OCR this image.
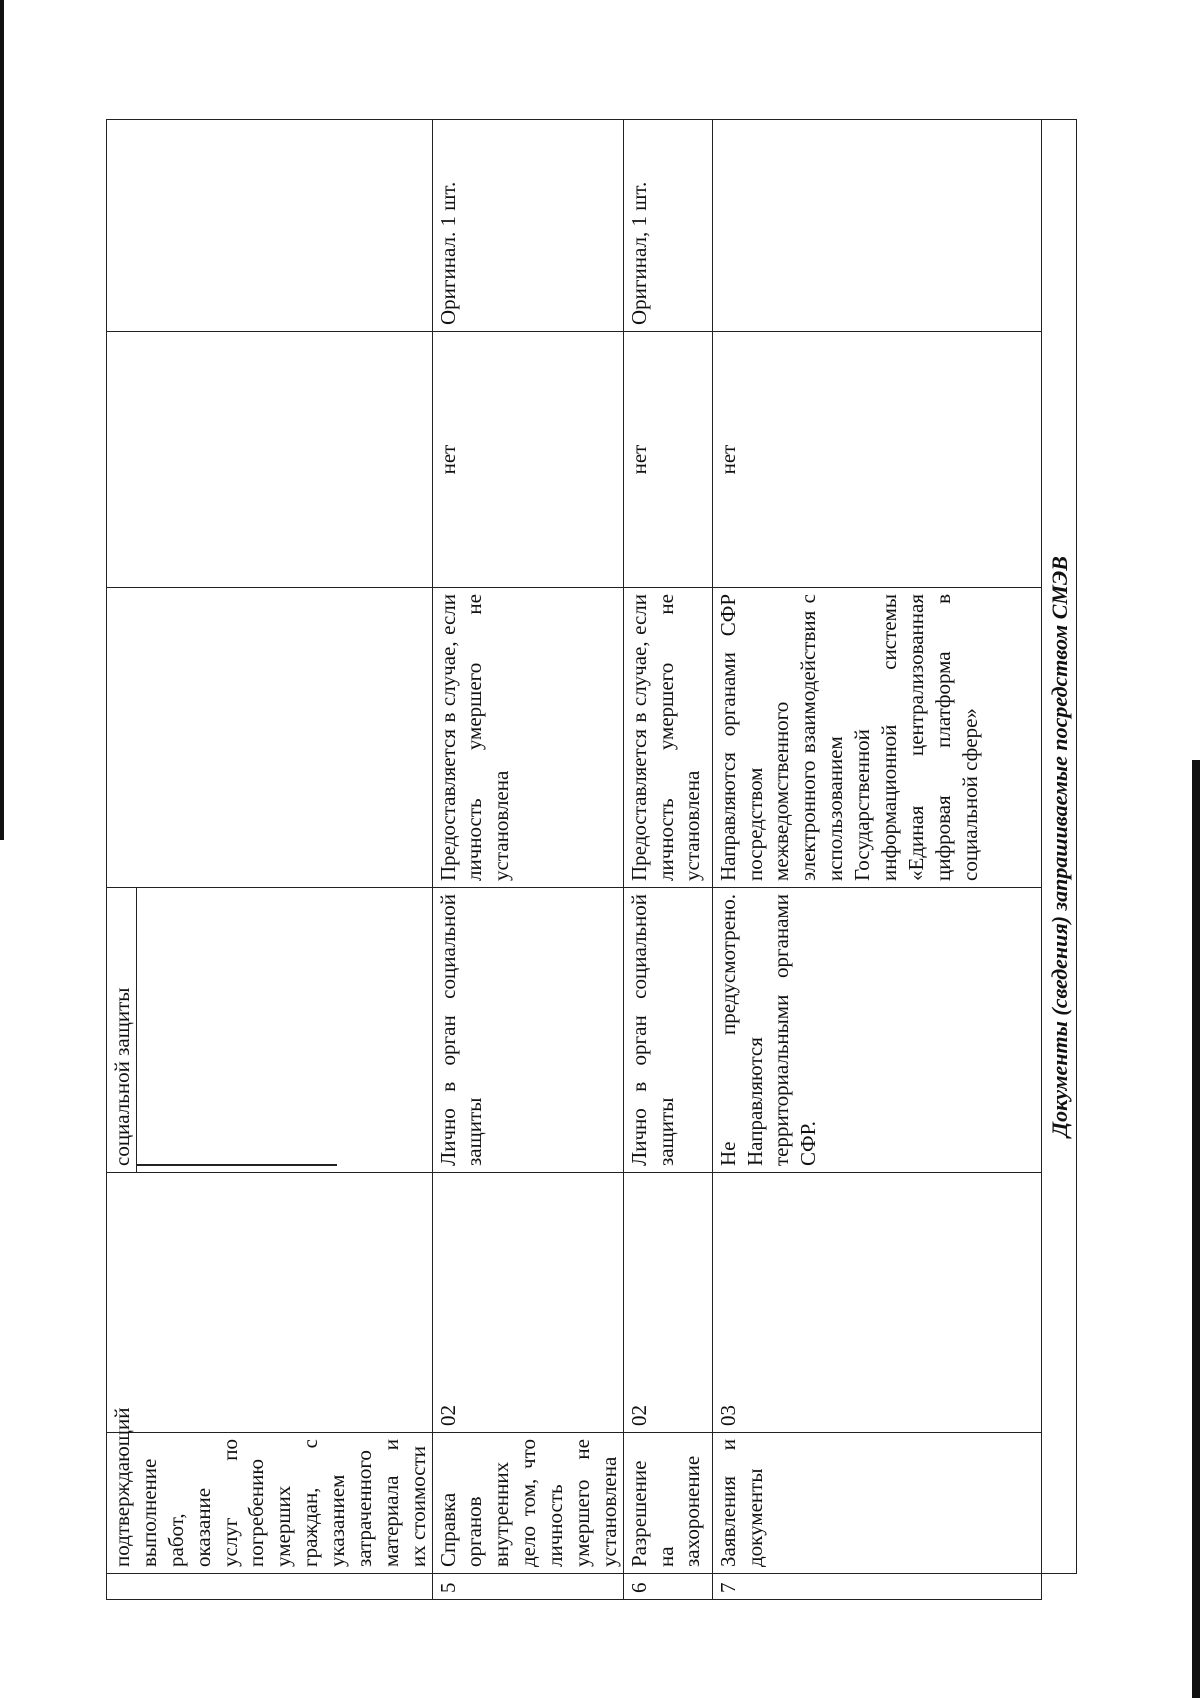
	подтверждающий выполнение работ, оказание услуг по погребению умерших граждан, с указанием затраченного материала и их стоимости		социальной защиты			

5	Справка органов внутренних дело том, что личность умершего не установлена	02	Лично в орган социальной защиты	Предоставляется в случае, если личность умершего не установлена	нет	Оригинал. 1 шт.
6	Разрешение на захоронение	02	Лично в орган социальной защиты	Предоставляется в случае, если личность умершего не установлена	нет	Оригинал, 1 шт.
7	Заявления и документы	03	Не предусмотрено. Направляются территориальными органами СФР.	Направляются органами СФР посредством межведомственного электронного взаимодействия с использованием Государственной информационной системы «Единая централизованная цифровая платформа в социальной сфере»	нет	
	Документы (сведения) запрашиваемые посредством СМЭВ					
